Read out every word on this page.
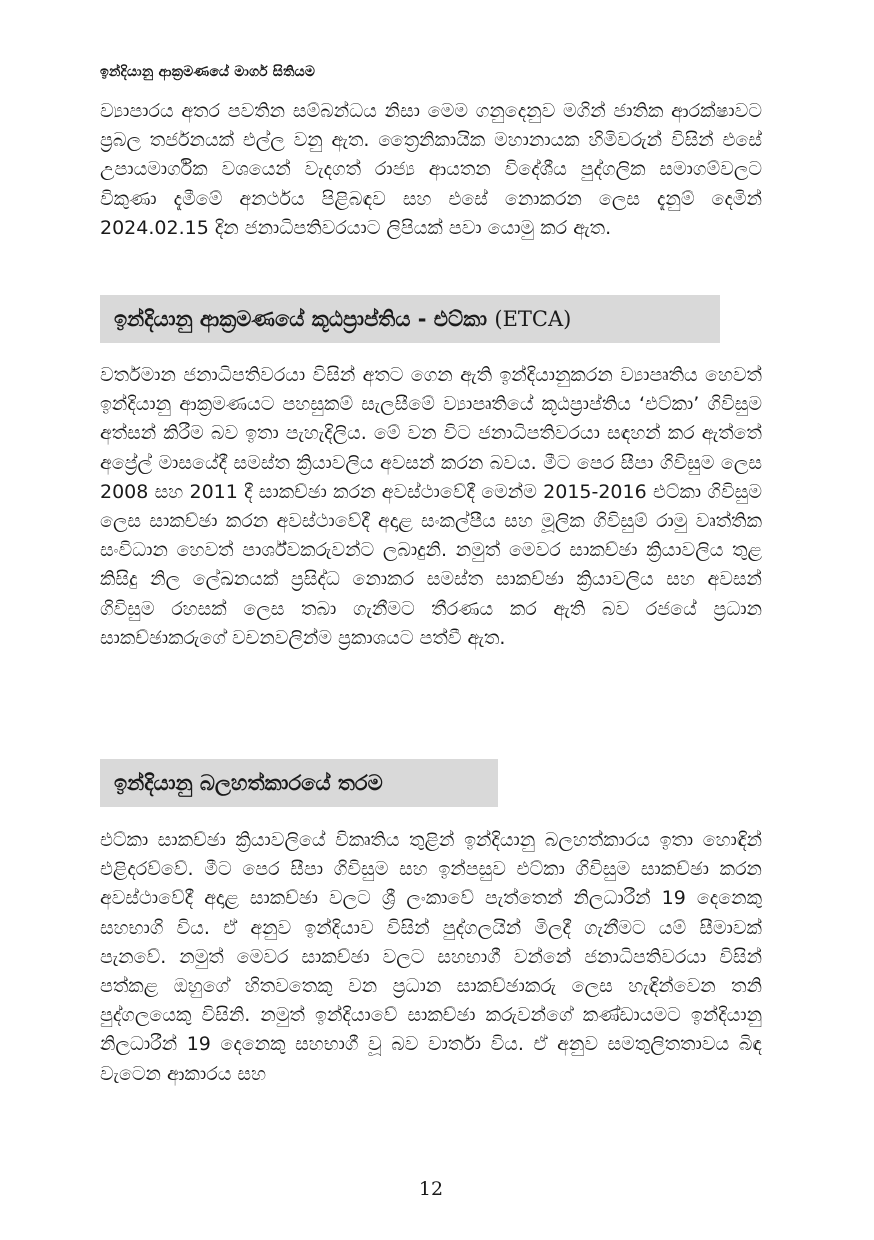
ඉන්දියානු ආක්‍රමණයේ මාර්ග සිතියම

ව්‍යාපාරය අතර පවතින සම්බන්ධය නිසා මෙම ගනුදෙනුව මගින් ජාතික ආරක්ෂාවට ප්‍රබල තර්ජනයක් එල්ල වනු ඇත. ත්‍රෛනිකායික මහානායක හිමිවරුන් විසින් එසේ උපායමාර්ගික වශයෙන් වැදගත් රාජ්‍ය ආයතන විදේශීය පුද්ගලික සමාගම්වලට විකුණා දැමීමේ අනර්ථය පිළිබඳව සහ එසේ නොකරන ලෙස දැනුම් දෙමින් 2024.02.15 දින ජනාධිපතිවරයාට ලිපියක් පවා යොමු කර ඇත.

ඉන්දියානු ආක්‍රමණයේ කූඨප්‍රාප්තිය - එට්කා (ETCA)

වර්තමාන ජනාධිපතිවරයා විසින් අතට ගෙන ඇති ඉන්දියානුකරන ව්‍යාපෘතිය හෙවත් ඉන්දියානු ආක්‍රමණයට පහසුකම් සැලසීමේ ව්‍යාපෘතියේ කූඨප්‍රාප්තිය ‘එට්කා’ ගිවිසුම අත්සන් කිරීම බව ඉතා පැහැදිලිය. මේ වන විට ජනාධිපතිවරයා සඳහන් කර ඇත්තේ අප්‍රේල් මාසයේදී සමස්ත ක්‍රියාවලිය අවසන් කරන බවය. මීට පෙර සීපා ගිවිසුම ලෙස 2008 සහ 2011 දී සාකච්ඡා කරන අවස්ථාවේදී මෙන්ම 2015-2016 එට්කා ගිවිසුම ලෙස සාකච්ඡා කරන අවස්ථාවේදී අදාළ සංකල්පීය සහ මූලික ගිවිසුම් රාමු වෘත්තික සංවිධාන හෙවත් පාර්ශ්වකරුවන්ට ලබාදුනි. නමුත් මෙවර සාකච්ඡා ක්‍රියාවලිය තුළ කිසිදු නිල ලේඛනයක් ප්‍රසිද්ධ නොකර සමස්ත සාකච්ඡා ක්‍රියාවලිය සහ අවසන් ගිවිසුම රහසක් ලෙස තබා ගැනීමට තීරණය කර ඇති බව රජයේ ප්‍රධාන සාකච්ඡාකරුගේ වචනවලින්ම ප්‍රකාශයට පත්වී ඇත.

ඉන්දියානු බලහත්කාරයේ තරම

එට්කා සාකච්ඡා ක්‍රියාවලියේ විකෘතිය තුළින් ඉන්දියානු බලහත්කාරය ඉතා හොඳින් එළිදරව්වේ. මීට පෙර සීපා ගිවිසුම සහ ඉන්පසුව එට්කා ගිවිසුම සාකච්ඡා කරන අවස්ථාවේදී අදාළ සාකච්ඡා වලට ශ්‍රී ලංකාවේ පැත්තෙන් නිලධාරීන් 19 දෙනෙකු සහභාගි විය. ඒ අනුව ඉන්දියාව විසින් පුද්ගලයින් මිලදී ගැනීමට යම් සීමාවක් පැනවේ. නමුත් මෙවර සාකච්ඡා වලට සහභාගී වන්නේ ජනාධිපතිවරයා විසින් පත්කළ ඔහුගේ හිතවතෙකු වන ප්‍රධාන සාකච්ඡාකරු ලෙස හැඳින්වෙන තනි පුද්ගලයෙකු විසිනි. නමුත් ඉන්දියාවේ සාකච්ඡා කරුවන්ගේ කණ්ඩායමට ඉන්දියානු නිලධාරීන් 19 දෙනෙකු සහභාගී වූ බව වාර්තා විය. ඒ අනුව සමතුලිතතාවය බිඳ වැටෙන ආකාරය සහ

12
